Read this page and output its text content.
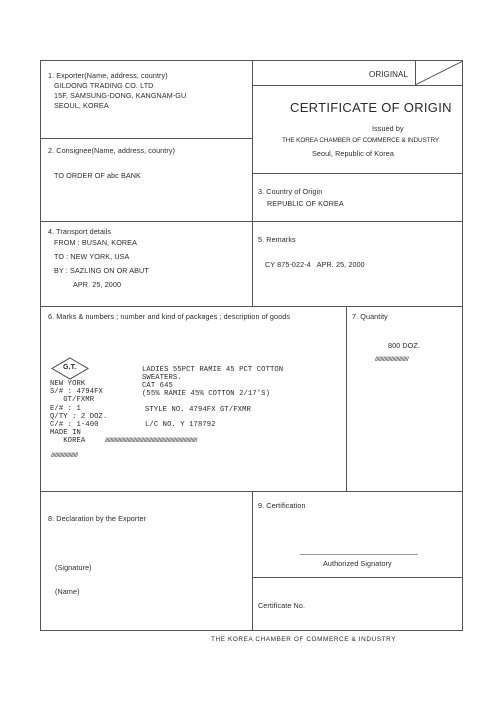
1. Exporter(Name, address, country)
GILDONG TRADING CO. LTD
15F, SAMSUNG-DONG, KANGNAM-GU
SEOUL, KOREA
ORIGINAL
CERTIFICATE OF ORIGIN
Issued by
THE KOREA CHAMBER OF COMMERCE & INDUSTRY
Seoul, Republic of Korea
2. Consignee(Name, address, country)
TO ORDER OF abc BANK
3. Country of Origin
REPUBLIC OF KOREA
4. Transport details
FROM : BUSAN, KOREA
TO : NEW YORK, USA
BY : SAZLING ON OR ABUT
APR. 25, 2000
5. Remarks
CY 875-022-4   APR. 25, 2000
6. Marks & numbers ; number and kind of packages ; description of goods
G.T.
NEW YORK
S/# : 4794FX
GT/FXMR
E/# : 1
Q/TY : 2 DOZ.
C/# : 1-400
MADE IN
KOREA
////////////////////
LADIES 55PCT RAMIE 45 PCT COTTON
SWEATERS.
CAT 645
(55% RAMIE 45% COTTON 2/17'S)
STYLE NO. 4794FX GT/FXMR
L/C NO. Y 178792
/////////////////////////////////////////////////////////////////////
7. Quantity
800 DOZ.
/////////////////////////
8. Declaration by the Exporter
(Signature)
(Name)
9. Certification
Authorized Signatory
Certificate No.
THE KOREA CHAMBER OF COMMERCE & INDUSTRY
